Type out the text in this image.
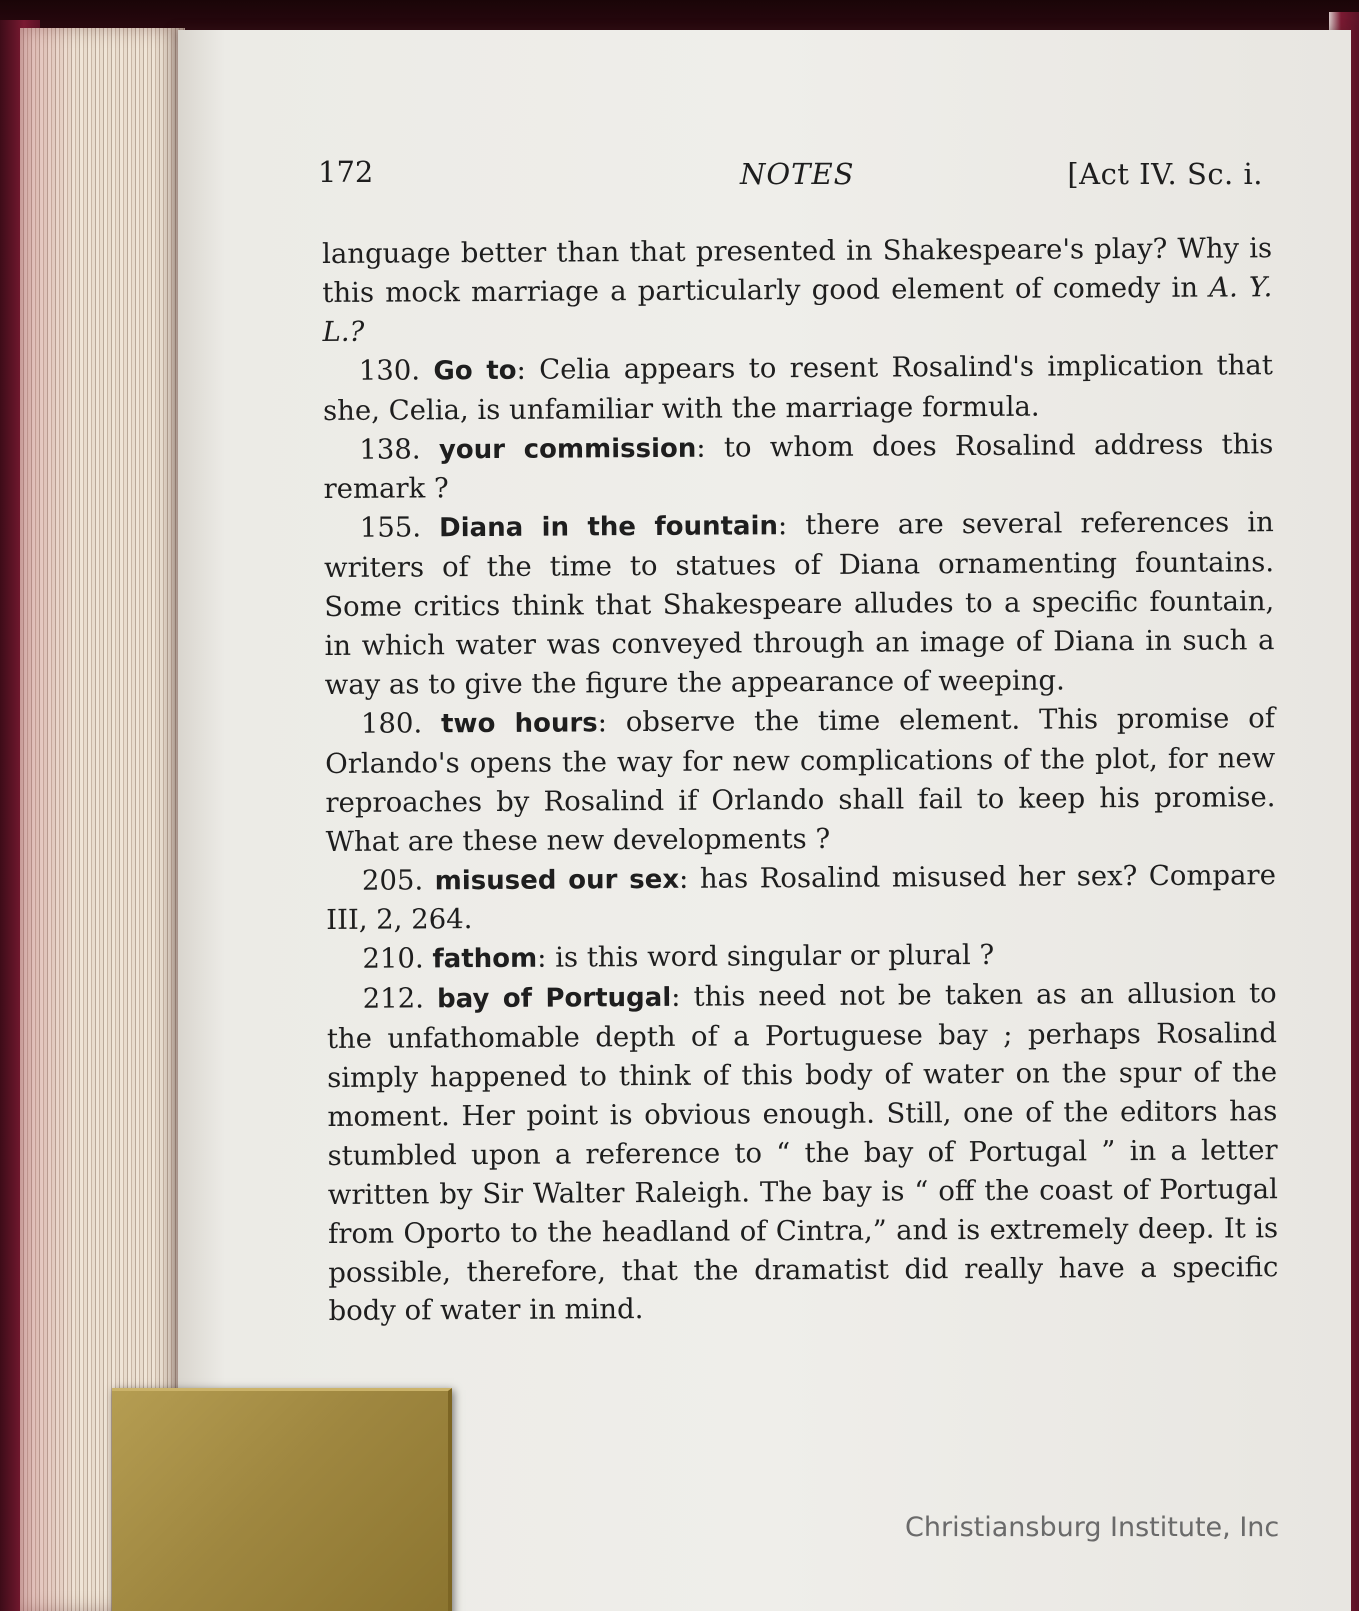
172	NOTES	[Act IV. Sc. i.

language better than that presented in Shakespeare's play? Why is this mock marriage a particularly good element of comedy in A. Y. L.?

130. Go to: Celia appears to resent Rosalind's implication that she, Celia, is unfamiliar with the marriage formula.

138. your commission: to whom does Rosalind address this remark ?

155. Diana in the fountain: there are several references in writers of the time to statues of Diana ornamenting fountains. Some critics think that Shakespeare alludes to a specific fountain, in which water was conveyed through an image of Diana in such a way as to give the figure the appearance of weeping.

180. two hours: observe the time element. This promise of Orlando's opens the way for new complications of the plot, for new reproaches by Rosalind if Orlando shall fail to keep his promise. What are these new developments ?

205. misused our sex: has Rosalind misused her sex? Compare III, 2, 264.

210. fathom: is this word singular or plural ?

212. bay of Portugal: this need not be taken as an allusion to the unfathomable depth of a Portuguese bay ; perhaps Rosalind simply happened to think of this body of water on the spur of the moment. Her point is obvious enough. Still, one of the editors has stumbled upon a reference to “ the bay of Portugal ” in a letter written by Sir Walter Raleigh. The bay is “ off the coast of Portugal from Oporto to the headland of Cintra,” and is extremely deep. It is possible, therefore, that the dramatist did really have a specific body of water in mind.

Christiansburg Institute, Inc
